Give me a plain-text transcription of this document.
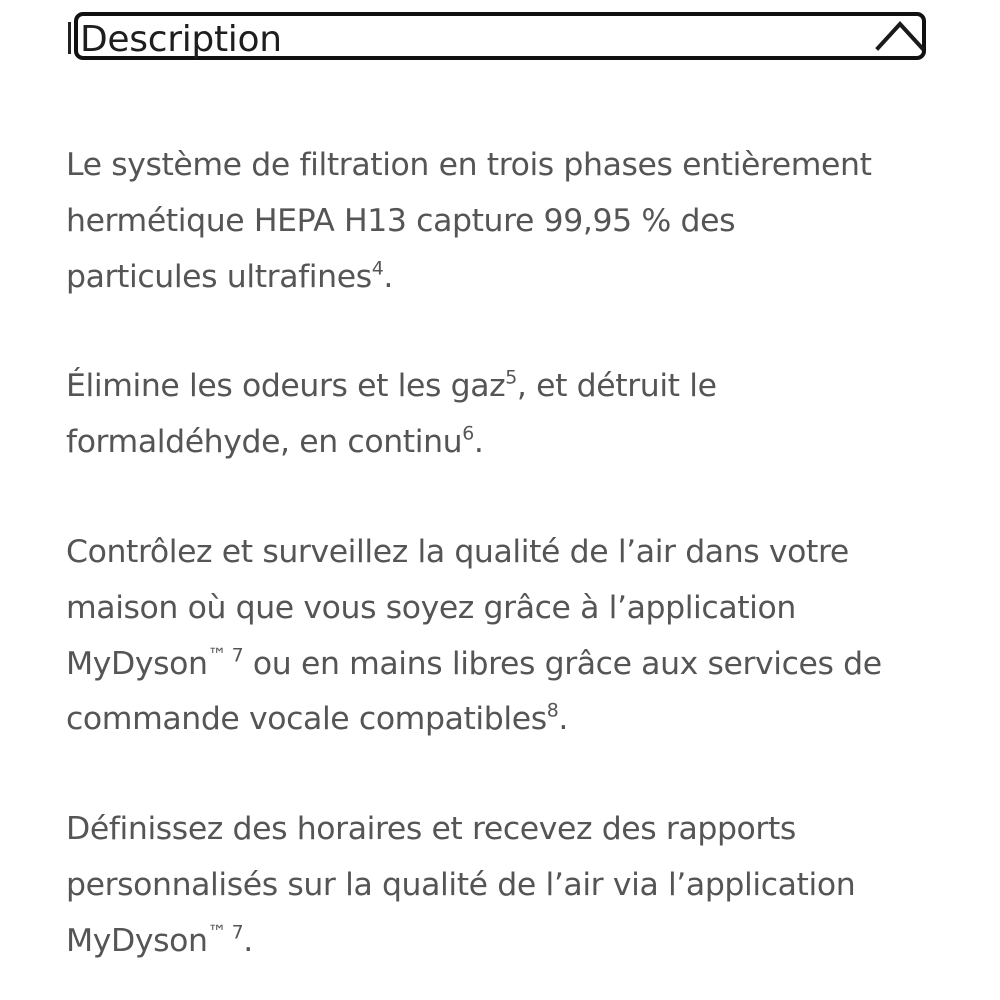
Description

Le système de filtration en trois phases entièrement
hermétique HEPA H13 capture 99,95 % des
particules ultrafines$^4$.

Élimine les odeurs et les gaz$^5$, et détruit le
formaldéhyde, en continu$^6$.

Contrôlez et surveillez la qualité de l’air dans votre
maison où que vous soyez grâce à l’application
MyDyson$^{™ 7}$ ou en mains libres grâce aux services de
commande vocale compatibles$^8$.

Définissez des horaires et recevez des rapports
personnalisés sur la qualité de l’air via l’application
MyDyson$^{™ 7}$.
